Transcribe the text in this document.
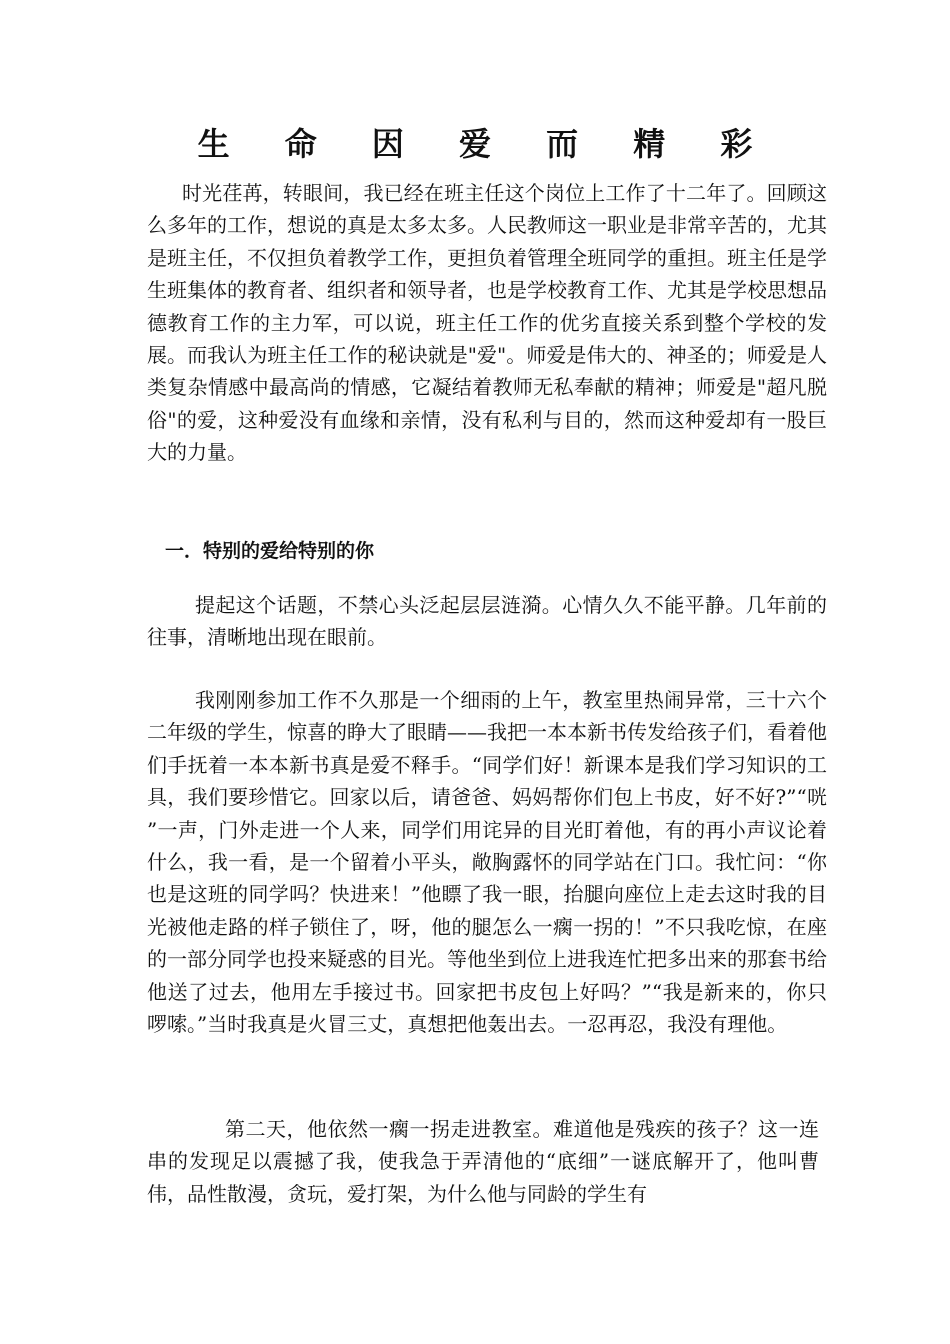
生 命 因 爱 而 精 彩

时光荏苒，转眼间，我已经在班主任这个岗位上工作了十二年了。回顾这么多年的工作，想说的真是太多太多。人民教师这一职业是非常辛苦的，尤其是班主任，不仅担负着教学工作，更担负着管理全班同学的重担。班主任是学生班集体的教育者、组织者和领导者，也是学校教育工作、尤其是学校思想品德教育工作的主力军，可以说，班主任工作的优劣直接关系到整个学校的发展。而我认为班主任工作的秘诀就是"爱"。师爱是伟大的、神圣的；师爱是人类复杂情感中最高尚的情感，它凝结着教师无私奉献的精神；师爱是"超凡脱俗"的爱，这种爱没有血缘和亲情，没有私利与目的，然而这种爱却有一股巨大的力量。

一．特别的爱给特别的你

提起这个话题，不禁心头泛起层层涟漪。心情久久不能平静。几年前的往事，清晰地出现在眼前。

我刚刚参加工作不久那是一个细雨的上午，教室里热闹异常，三十六个二年级的学生，惊喜的睁大了眼睛——我把一本本新书传发给孩子们，看着他们手抚着一本本新书真是爱不释手。“同学们好！新课本是我们学习知识的工具，我们要珍惜它。回家以后，请爸爸、妈妈帮你们包上书皮，好不好?”“咣 ”一声，门外走进一个人来，同学们用诧异的目光盯着他，有的再小声议论着什么，我一看，是一个留着小平头，敞胸露怀的同学站在门口。我忙问：“你也是这班的同学吗？快进来！”他瞟了我一眼，抬腿向座位上走去这时我的目光被他走路的样子锁住了，呀，他的腿怎么一瘸一拐的！”不只我吃惊，在座的一部分同学也投来疑惑的目光。等他坐到位上进我连忙把多出来的那套书给他送了过去，他用左手接过书。回家把书皮包上好吗？”“我是新来的，你只啰嗦。”当时我真是火冒三丈，真想把他轰出去。一忍再忍，我没有理他。

第二天，他依然一瘸一拐走进教室。难道他是残疾的孩子？这一连串的发现足以震撼了我，使我急于弄清他的“底细”一谜底解开了，他叫曹伟，品性散漫，贪玩，爱打架，为什么他与同龄的学生有
